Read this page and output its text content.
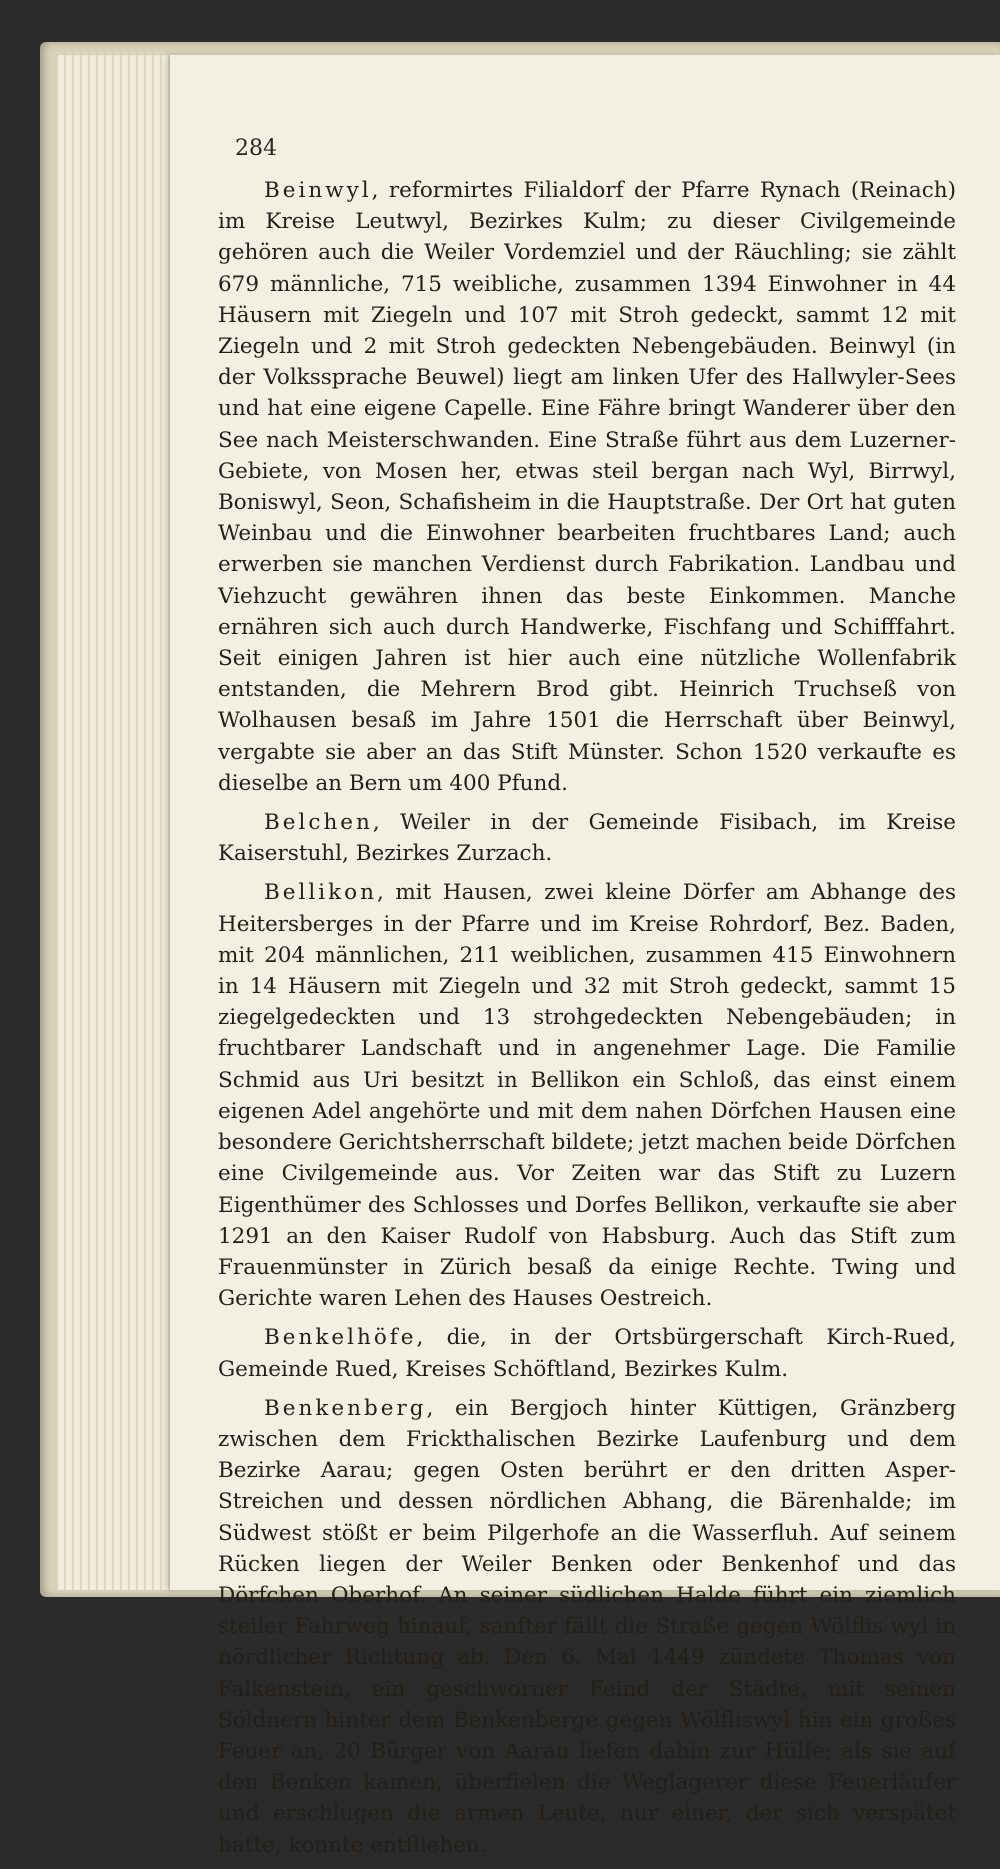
284

Beinwyl, reformirtes Filialdorf der Pfarre Rynach (Reinach) im Kreise Leutwyl, Bezirkes Kulm; zu dieser Civilgemeinde gehören auch die Weiler Vordemziel und der Räuchling; sie zählt 679 männliche, 715 weibliche, zusammen 1394 Einwohner in 44 Häusern mit Ziegeln und 107 mit Stroh gedeckt, sammt 12 mit Ziegeln und 2 mit Stroh gedeckten Nebengebäuden. Beinwyl (in der Volkssprache Beuwel) liegt am linken Ufer des Hallwyler-Sees und hat eine eigene Capelle. Eine Fähre bringt Wanderer über den See nach Meisterschwanden. Eine Straße führt aus dem Luzerner-Gebiete, von Mosen her, etwas steil bergan nach Wyl, Birrwyl, Boniswyl, Seon, Schafisheim in die Hauptstraße. Der Ort hat guten Weinbau und die Einwohner bearbeiten fruchtbares Land; auch erwerben sie manchen Verdienst durch Fabrikation. Landbau und Viehzucht gewähren ihnen das beste Einkommen. Manche ernähren sich auch durch Handwerke, Fischfang und Schifffahrt. Seit einigen Jahren ist hier auch eine nützliche Wollenfabrik entstanden, die Mehrern Brod gibt. Heinrich Truchseß von Wolhausen besaß im Jahre 1501 die Herrschaft über Beinwyl, vergabte sie aber an das Stift Münster. Schon 1520 verkaufte es dieselbe an Bern um 400 Pfund.

Belchen, Weiler in der Gemeinde Fisibach, im Kreise Kaiserstuhl, Bezirkes Zurzach.

Bellikon, mit Hausen, zwei kleine Dörfer am Abhange des Heitersberges in der Pfarre und im Kreise Rohrdorf, Bez. Baden, mit 204 männlichen, 211 weiblichen, zusammen 415 Einwohnern in 14 Häusern mit Ziegeln und 32 mit Stroh gedeckt, sammt 15 ziegelgedeckten und 13 strohgedeckten Nebengebäuden; in fruchtbarer Landschaft und in angenehmer Lage. Die Familie Schmid aus Uri besitzt in Bellikon ein Schloß, das einst einem eigenen Adel angehörte und mit dem nahen Dörfchen Hausen eine besondere Gerichtsherrschaft bildete; jetzt machen beide Dörfchen eine Civilgemeinde aus. Vor Zeiten war das Stift zu Luzern Eigenthümer des Schlosses und Dorfes Bellikon, verkaufte sie aber 1291 an den Kaiser Rudolf von Habsburg. Auch das Stift zum Frauenmünster in Zürich besaß da einige Rechte. Twing und Gerichte waren Lehen des Hauses Oestreich.

Benkelhöfe, die, in der Ortsbürgerschaft Kirch-Rued, Gemeinde Rued, Kreises Schöftland, Bezirkes Kulm.

Benkenberg, ein Bergjoch hinter Küttigen, Gränzberg zwischen dem Frickthalischen Bezirke Laufenburg und dem Bezirke Aarau; gegen Osten berührt er den dritten Asper-Streichen und dessen nördlichen Abhang, die Bärenhalde; im Südwest stößt er beim Pilgerhofe an die Wasserfluh. Auf seinem Rücken liegen der Weiler Benken oder Benkenhof und das Dörfchen Oberhof. An seiner südlichen Halde führt ein ziemlich steiler Fahrweg hinauf, sanfter fällt die Straße gegen Wölflis wyl in nördlicher Richtung ab. Den 6. Mai 1449 zündete Thomas von Falkenstein, ein geschworner Feind der Städte, mit seinen Söldnern hinter dem Benkenberge gegen Wölfliswyl hin ein großes Feuer an, 20 Bürger von Aarau liefen dahin zur Hülfe; als sie auf den Benken kamen, überfielen die Weglagerer diese Feuerläufer und erschlugen die armen Leute, nur einer, der sich verspätet hatte, konnte entfliehen.
